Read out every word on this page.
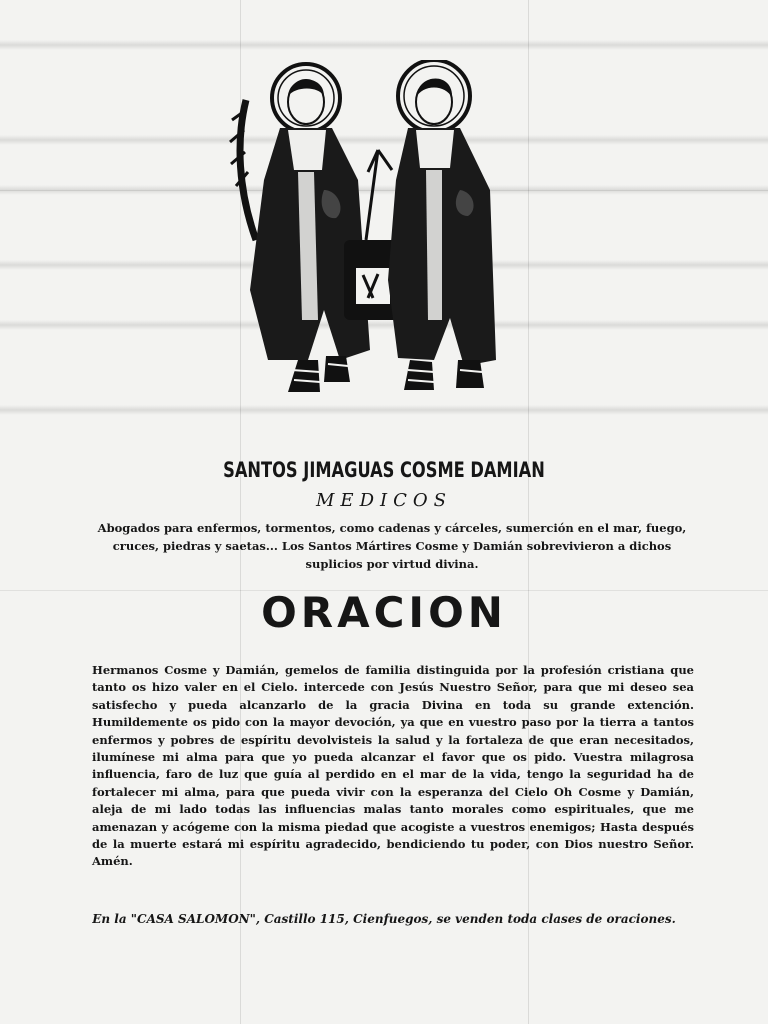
SANTOS JIMAGUAS COSME DAMIAN
MEDICOS
Abogados para enfermos, tormentos, como cadenas y cárceles, sumerción en el mar, fuego, cruces, piedras y saetas... Los Santos Mártires Cosme y Damián sobrevivieron a dichos suplicios por virtud divina.
ORACION
Hermanos Cosme y Damián, gemelos de familia distinguida por la profesión cristiana que tanto os hizo valer en el Cielo. intercede con Jesús Nuestro Señor, para que mi deseo sea satisfecho y pueda alcanzarlo de la gracia Divina en toda su grande extención. Humildemente os pido con la mayor devoción, ya que en vuestro paso por la tierra a tantos enfermos y pobres de espíritu devolvisteis la salud y la fortaleza de que eran necesitados, ilumínese mi alma para que yo pueda alcanzar el favor que os pido. Vuestra milagrosa influencia, faro de luz que guía al perdido en el mar de la vida, tengo la seguridad ha de fortalecer mi alma, para que pueda vivir con la esperanza del Cielo Oh Cosme y Damián, aleja de mi lado todas las influencias malas tanto morales como espirituales, que me amenazan y acógeme con la misma piedad que acogiste a vuestros enemigos; Hasta después de la muerte estará mi espíritu agradecido, bendiciendo tu poder, con Dios nuestro Señor. Amén.
En la "CASA SALOMON", Castillo 115, Cienfuegos, se venden toda clases de oraciones.
